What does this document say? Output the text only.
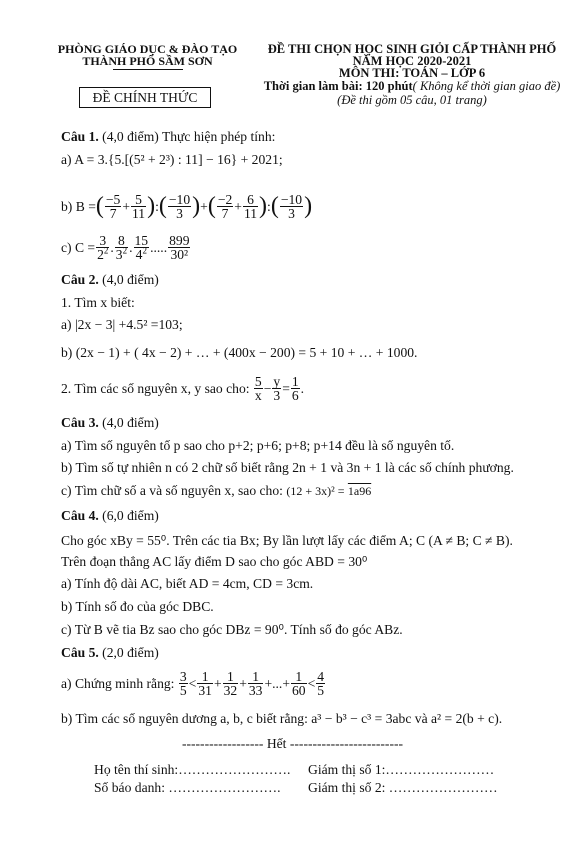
PHÒNG GIÁO DỤC & ĐÀO TẠO
THÀNH PHỐ SẦM SƠN
ĐỀ THI CHỌN HỌC SINH GIỎI CẤP THÀNH PHỐ
NĂM HỌC 2020-2021
MÔN THI: TOÁN – LỚP 6
Thời gian làm bài: 120 phút( Không kể thời gian giao đề)
(Đề thi gồm 05 câu, 01 trang)
ĐỀ CHÍNH THỨC
Câu 1. (4,0 điểm) Thực hiện phép tính:
a) A = 3.{5.[(5² + 2³) : 11] − 16} + 2021;
b) B = ( $\frac{-5}{7} + \frac{5}{11}$ ) : ( $\frac{-10}{3}$ ) + ( $\frac{-2}{7} + \frac{6}{11}$ ) : ( $\frac{-10}{3}$ )
c) $C = \frac{3}{2^2}$ . $\frac{8}{3^2}$ . $\frac{15}{4^2}$ ..... $\frac{899}{\text{30²}}$
Câu 2. (4,0 điểm)
1. Tìm x biết:
a) |2x − 3| +4.5² =103;
b) (2x − 1) + ( 4x − 2) + … + (400x − 200) = 5 + 10 + … + 1000.
2. Tìm các số nguyên x, y sao cho:
$\frac{5}{x} - \frac{y}{3} = \frac{1}{6}$ .
Câu 3. (4,0 điểm)
a) Tìm số nguyên tố p sao cho p+2; p+6; p+8; p+14 đều là số nguyên tố.
b) Tìm số tự nhiên n có 2 chữ số biết rằng 2n + 1 và 3n + 1 là các số chính phương.
c) Tìm chữ số a và số nguyên x, sao cho: (12 + 3x)² = 1a96
Câu 4. (6,0 điểm)
Cho góc xBy = 55⁰. Trên các tia Bx; By lần lượt lấy các điểm A; C (A ≠ B; C ≠ B).
Trên đoạn thẳng AC lấy điểm D sao cho góc ABD = 30⁰
a) Tính độ dài AC, biết AD = 4cm, CD = 3cm.
b) Tính số đo của góc DBC.
c) Từ B vẽ tia Bz sao cho góc DBz = 90⁰. Tính số đo góc ABz.
Câu 5. (2,0 điểm)
a) Chứng minh rằng:
$\frac{3}{5} < \frac{1}{31} + \frac{1}{32} + \frac{1}{33}$ +...+ $\frac{1}{60} < \frac{4}{5}$
b) Tìm các số nguyên dương a, b, c biết rằng: a³ − b³ − c³ = 3abc và a² = 2(b + c).
------------------ Hết -------------------------
Họ tên thí sinh:…………………….
Số báo danh: …………………….
Giám thị số 1:……………………
Giám thị số 2: ……………………
